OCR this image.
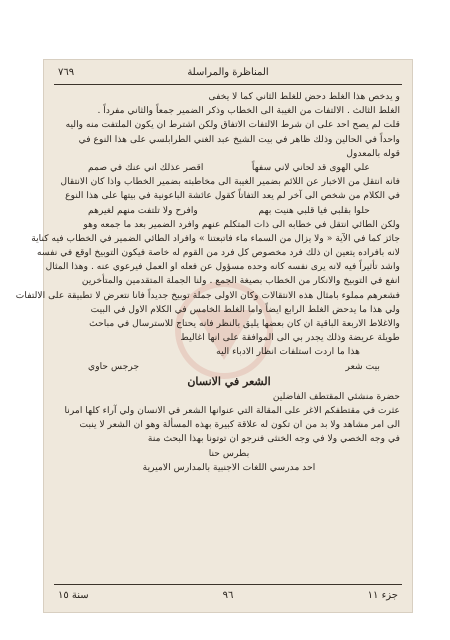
المناظرة والمراسلة
٧٦٩
و يدخص هذا الغلط دحض للغلط الثاني كما لا يخفى
الغلط الثالث . الالتفات من الغيبة الى الخطاب وذكر الضمير جمعاً والثاني مفرداً .
قلت لم يصح احد على ان شرط الالتفات الاتفاق ولكن اشترط ان يكون الملتفت منه واليه
واحداً في الحالين وذلك ظاهر في بيت الشيخ عبد الغني الطرابلسي على هذا النوع في
قوله بالمعدول
علي الهوى قد لحاني لاني سفهاً
اقصر عذلك اني عنك في صمم
فانه انتقل من الاخبار عن اللائم بضمير الغيبة الى مخاطبته بضمير الخطاب واذا كان الانتقال
في الكلام من شخص الى آخر لم يعد التفاتاً كقول عائشة الباعونية في بيتها على هذا النوع
حلوا بقلبي فيا قلبي هنيت بهم
وافرح ولا تلتفت منهم لغيرهم
ولكن الطائي انتقل في خطابه الى ذات المتكلم عنهم وافرد الضمير بعد ما جمعه وهو
جائز كما في الآية « ولا يزال من السماء ماء فاتبعتنا » وافراد الطائي الضمير في الخطاب فيه كناية
لانه بافراده يتعين ان ذلك فرد مخصوص كل فرد من القوم له خاصة فيكون التوبيخ اوقع في نفسه
واشد تأثيراً فيه لانه يرى نفسه كانه وحده مسؤول عن فعله او العمل فيرعوي عنه . وهذا المثال
انفع في التوبيخ والانكار من الخطاب بصيغة الجمع . ولنا الجملة المتقدمين والمتأخرين
فشعرهم مملوء بامثال هذه الانتقالات وكان الاولى جملة توبيخ جديداً فانا نتعرض لا تطبيقة على الالتفات
ولي هذا ما يدحض الغلط الرابع ايضاً واما الغلط الخامس في الكلام الاول في البيت
والاغلاط الاربعة الباقية ان كان بعضها يليق بالنظر فانه يحتاج للاسترسال في مباحث
طويلة عريضة وذلك يجدر بي الى الموافقة على انها اغاليط
هذا ما اردت استلفات انظار الادباء اليه
بيت شعر
جرجس حاوي
الشعر في الانسان
حضرة منشئي المقتطف الفاضلين
عثرت في مقتطفكم الاغر على المقالة التي عنوانها الشعر في الانسان ولي آراء كلها امرنا
الى امر مشاهد ولا بد من ان تكون له علاقة كبيرة بهذه المسألة وهو ان الشعر لا ينبت
في وجه الخصي ولا في وجه الخنثى فنرجو ان توتونا بهذا البحث منة
بطرس حنا
احد مدرسي اللغات الاجنبية بالمدارس الاميرية
جزء ١١
٩٦
سنة ١٥
